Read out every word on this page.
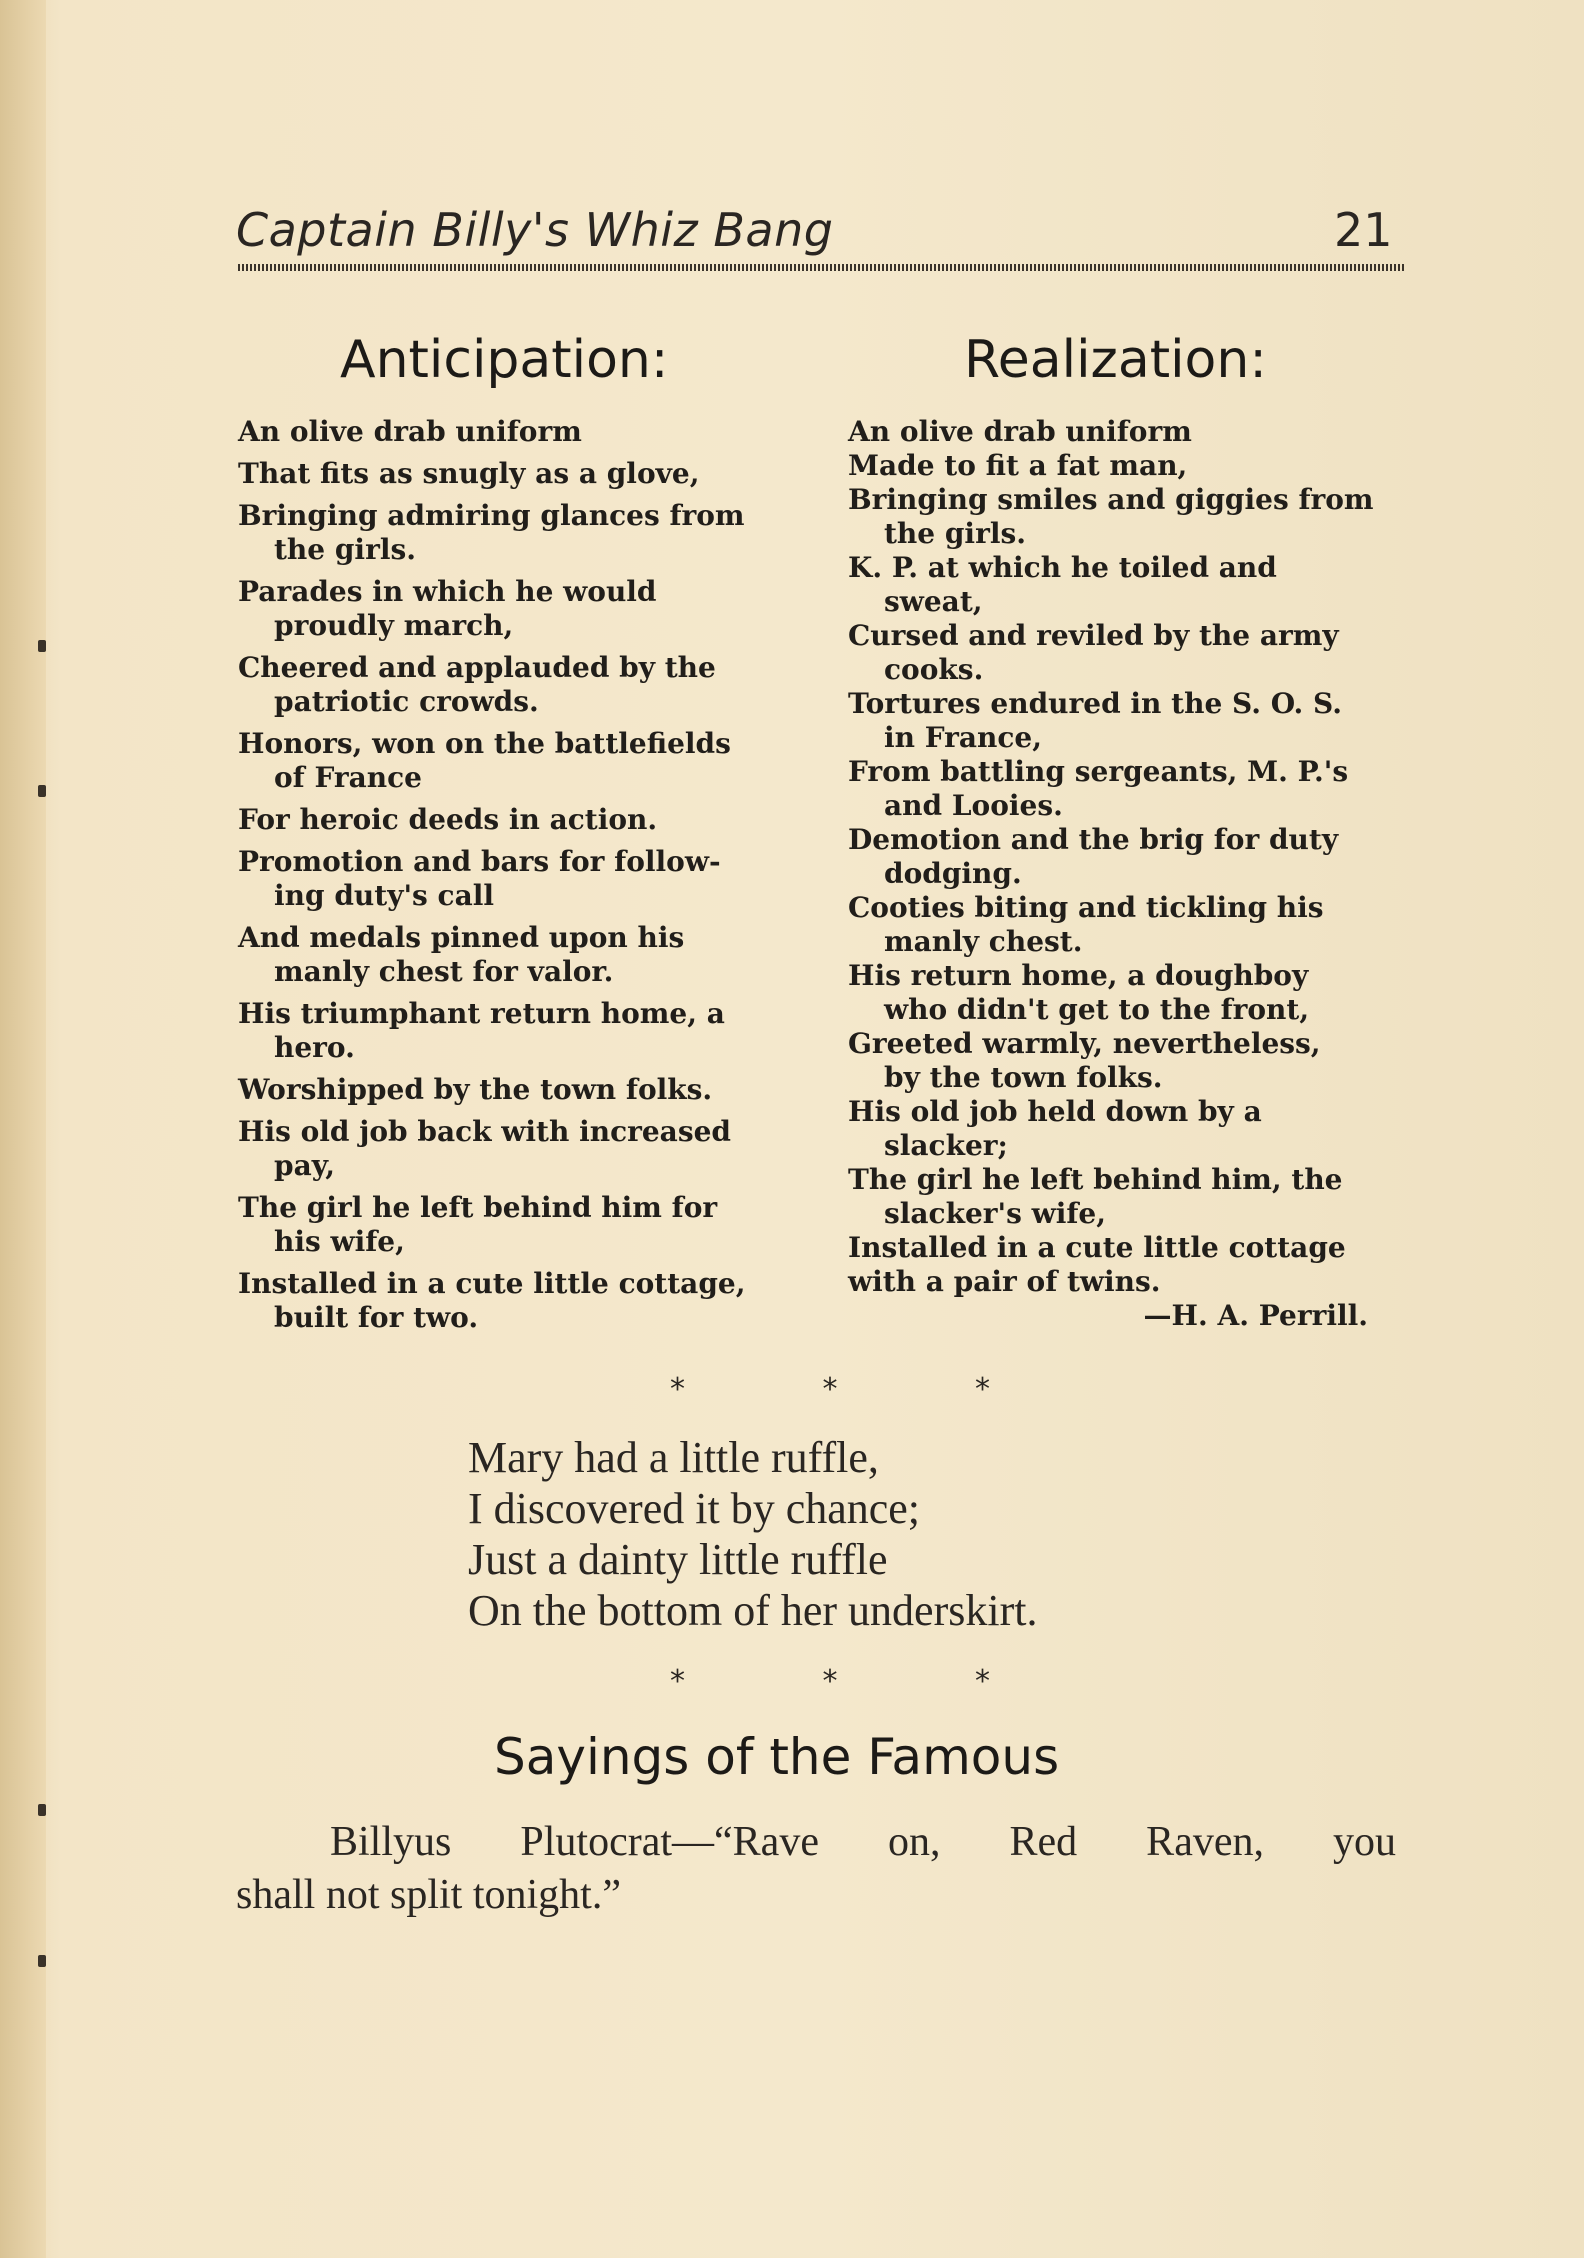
Captain Billy's Whiz Bang	21
Anticipation:	Realization:
An olive drab uniform
That fits as snugly as a glove,
Bringing admiring glances from
the girls.
Parades in which he would
proudly march,
Cheered and applauded by the
patriotic crowds.
Honors, won on the battlefields
of France
For heroic deeds in action.
Promotion and bars for follow-
ing duty's call
And medals pinned upon his
manly chest for valor.
His triumphant return home, a
hero.
Worshipped by the town folks.
His old job back with increased
pay,
The girl he left behind him for
his wife,
Installed in a cute little cottage,
built for two.
An olive drab uniform
Made to fit a fat man,
Bringing smiles and giggies from
the girls.
K. P. at which he toiled and
sweat,
Cursed and reviled by the army
cooks.
Tortures endured in the S. O. S.
in France,
From battling sergeants, M. P.'s
and Looies.
Demotion and the brig for duty
dodging.
Cooties biting and tickling his
manly chest.
His return home, a doughboy
who didn't get to the front,
Greeted warmly, nevertheless,
by the town folks.
His old job held down by a
slacker;
The girl he left behind him, the
slacker's wife,
Installed in a cute little cottage
with a pair of twins.
—H. A. Perrill.
*	*	*
Mary had a little ruffle,
I discovered it by chance;
Just a dainty little ruffle
On the bottom of her underskirt.
*	*	*
Sayings of the Famous
Billyus Plutocrat—“Rave on, Red Raven, you
shall not split tonight.”
